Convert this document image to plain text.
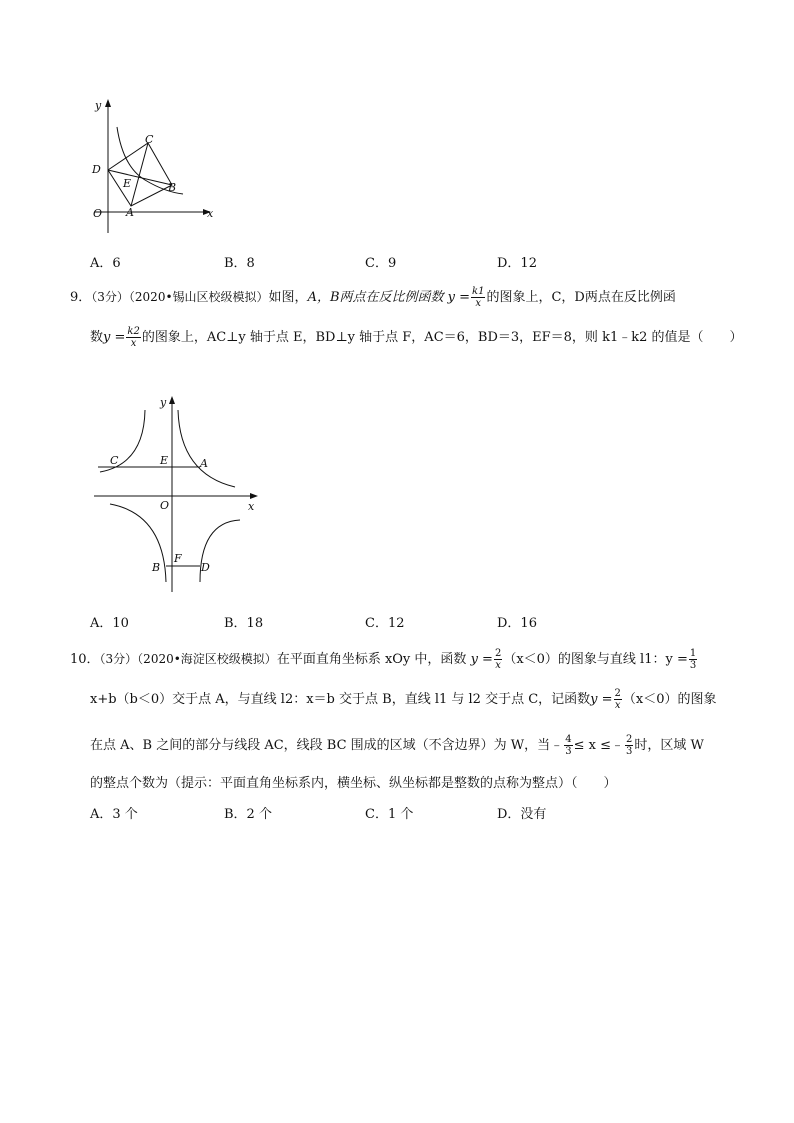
y
x
O A
B
C
D
E
A．6	B．8	C．9	D．12
9．（3分）（2020•锡山区校级模拟）如图，A，B两点在反比例函数 $y = \frac{k1}{x}$ 的图象上，C，D两点在反比例函
数$y = \frac{k2}{x}$ 的图象上，AC⊥y 轴于点 E，BD⊥y 轴于点 F，AC＝6，BD＝3，EF＝8，则 k1﹣k2 的值是（　　）
y
x
O
C	E	A
F
B	D
A．10	B．18	C．12	D．16
10．（3分）（2020•海淀区校级模拟）在平面直角坐标系 xOy 中，函数 $y = \frac{2}{x} (x<0)$的图象与直线 l1：$y = \frac{1}{3}$
x+b（b＜0）交于点 A，与直线 l2：x＝b 交于点 B，直线 l1 与 l2 交于点 C，记函数$y = \frac{2}{x} (x<0)$的图象
在点 A、B 之间的部分与线段 AC，线段 BC 围成的区域（不含边界）为 W，当﹣ $\frac{4}{3} \le x$ ≤﹣ $\frac{2}{3}$ 时，区域 W
的整点个数为（提示：平面直角坐标系内，横坐标、纵坐标都是整数的点称为整点）（　　）
A．3 个	B．2 个	C．1 个	D．没有
